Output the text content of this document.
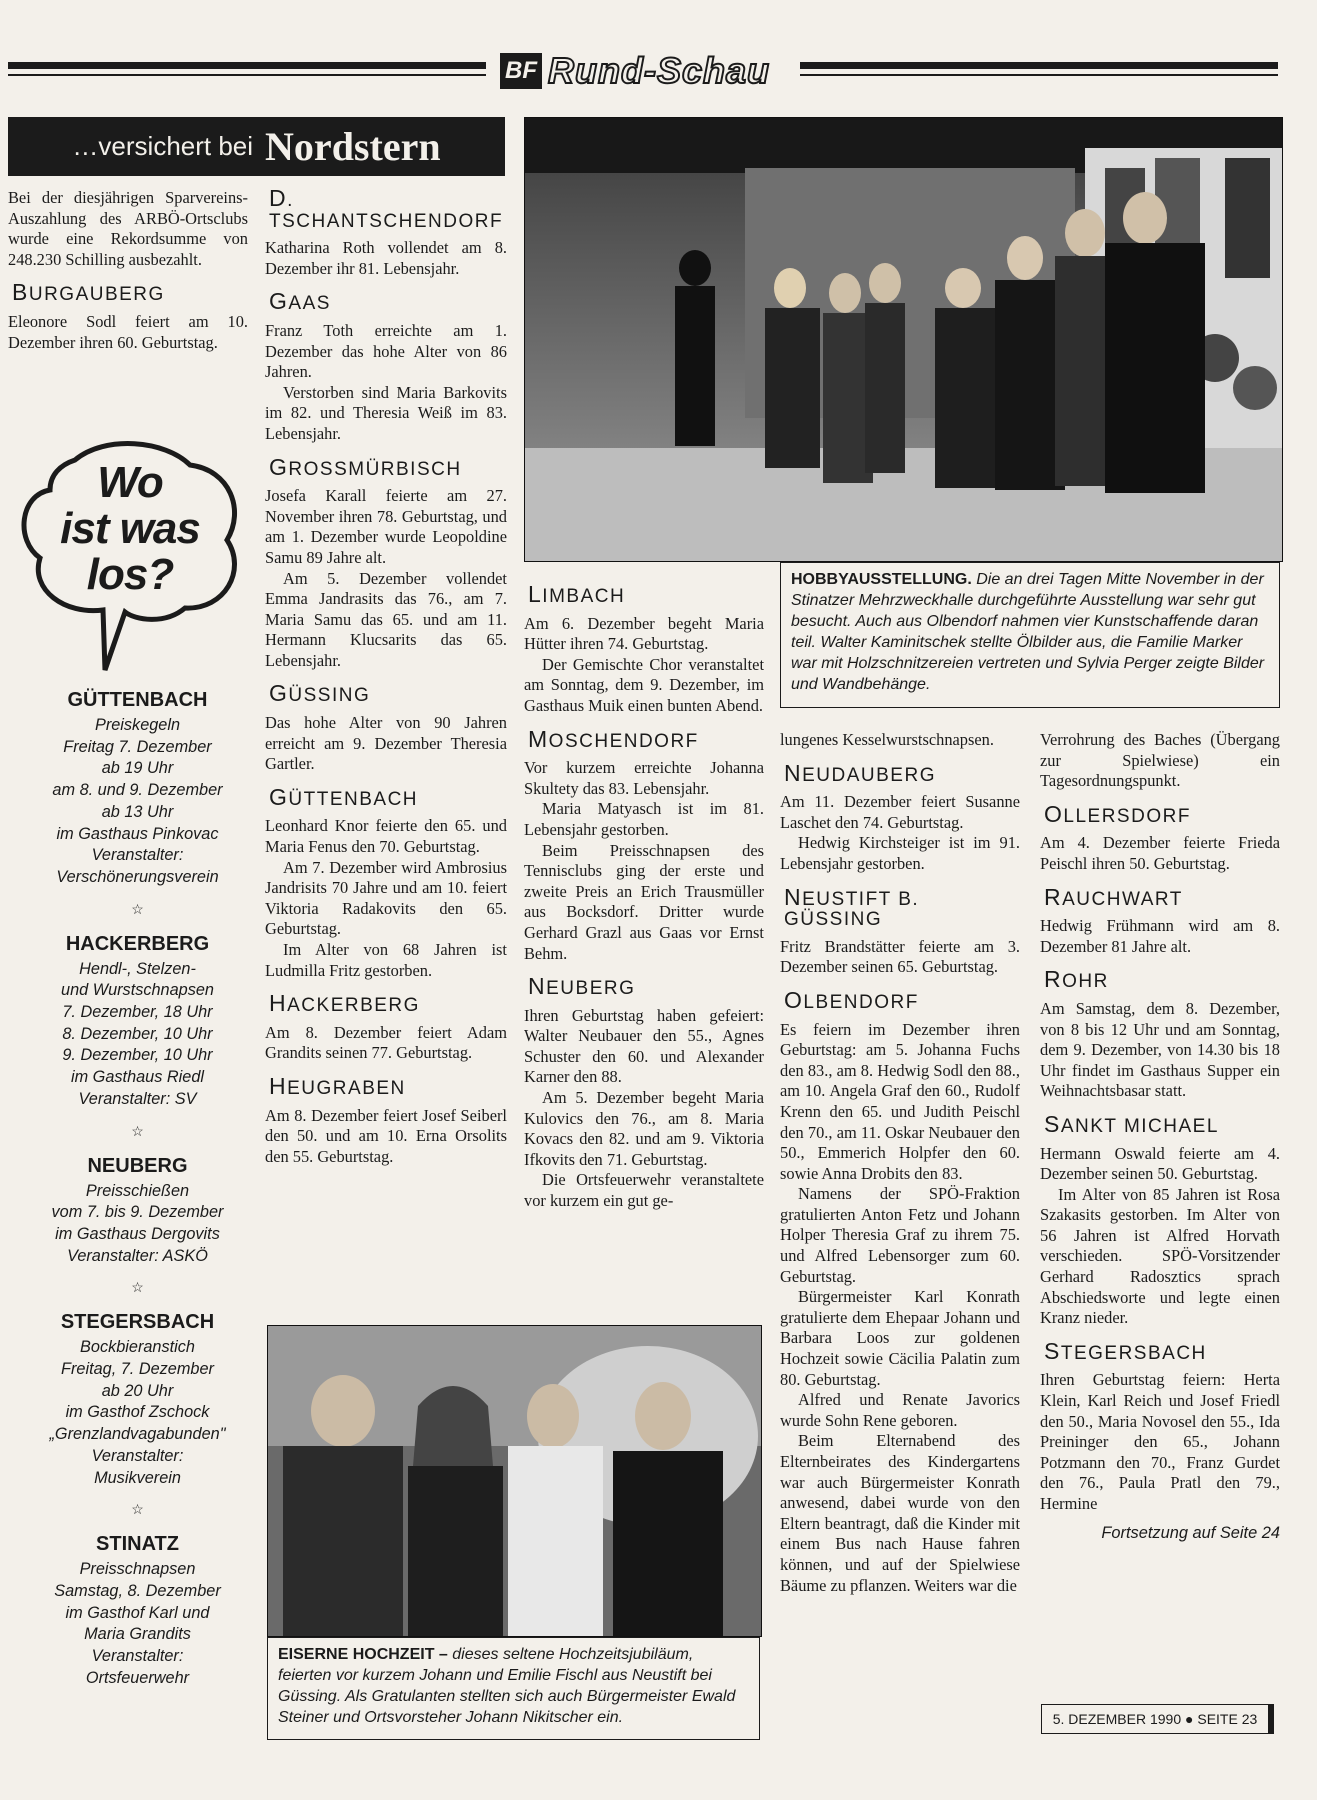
BF Rund-Schau
…versichert bei Nordstern

Bei der diesjährigen Sparvereins-Auszahlung des ARBÖ-Ortsclubs wurde eine Rekordsumme von 248.230 Schilling ausbezahlt.

BURGAUBERG

Eleonore Sodl feiert am 10. Dezember ihren 60. Geburtstag.

Wo
ist was
los?
GÜTTENBACH
Preiskegeln
Freitag 7. Dezember
ab 19 Uhr
am 8. und 9. Dezember
ab 13 Uhr
im Gasthaus Pinkovac
Veranstalter:
Verschönerungsverein
☆
HACKERBERG
Hendl-, Stelzen-
und Wurstschnapsen
7. Dezember, 18 Uhr
8. Dezember, 10 Uhr
9. Dezember, 10 Uhr
im Gasthaus Riedl
Veranstalter: SV
☆
NEUBERG
Preisschießen
vom 7. bis 9. Dezember
im Gasthaus Dergovits
Veranstalter: ASKÖ
☆
STEGERSBACH
Bockbieranstich
Freitag, 7. Dezember
ab 20 Uhr
im Gasthof Zschock
„Grenzlandvagabunden"
Veranstalter:
Musikverein
☆
STINATZ
Preisschnapsen
Samstag, 8. Dezember
im Gasthof Karl und
Maria Grandits
Veranstalter:
Ortsfeuerwehr
D. TSCHANTSCHENDORF

Katharina Roth vollendet am 8. Dezember ihr 81. Lebensjahr.

GAAS

Franz Toth erreichte am 1. Dezember das hohe Alter von 86 Jahren.

Verstorben sind Maria Barkovits im 82. und Theresia Weiß im 83. Lebensjahr.

GROSSMÜRBISCH

Josefa Karall feierte am 27. November ihren 78. Geburtstag, und am 1. Dezember wurde Leopoldine Samu 89 Jahre alt.

Am 5. Dezember vollendet Emma Jandrasits das 76., am 7. Maria Samu das 65. und am 11. Hermann Klucsarits das 65. Lebensjahr.

GÜSSING

Das hohe Alter von 90 Jahren erreicht am 9. Dezember Theresia Gartler.

GÜTTENBACH

Leonhard Knor feierte den 65. und Maria Fenus den 70. Geburtstag.

Am 7. Dezember wird Ambrosius Jandrisits 70 Jahre und am 10. feiert Viktoria Radakovits den 65. Geburtstag.

Im Alter von 68 Jahren ist Ludmilla Fritz gestorben.

HACKERBERG

Am 8. Dezember feiert Adam Grandits seinen 77. Geburtstag.

HEUGRABEN

Am 8. Dezember feiert Josef Seiberl den 50. und am 10. Erna Orsolits den 55. Geburtstag.

HOBBYAUSSTELLUNG. Die an drei Tagen Mitte November in der Stinatzer Mehrzweckhalle durchgeführte Ausstellung war sehr gut besucht. Auch aus Olbendorf nahmen vier Kunstschaffende daran teil. Walter Kaminitschek stellte Ölbilder aus, die Familie Marker war mit Holzschnitzereien vertreten und Sylvia Perger zeigte Bilder und Wandbehänge.
LIMBACH

Am 6. Dezember begeht Maria Hütter ihren 74. Geburtstag.

Der Gemischte Chor veranstaltet am Sonntag, dem 9. Dezember, im Gasthaus Muik einen bunten Abend.

MOSCHENDORF

Vor kurzem erreichte Johanna Skultety das 83. Lebensjahr.

Maria Matyasch ist im 81. Lebensjahr gestorben.

Beim Preisschnapsen des Tennisclubs ging der erste und zweite Preis an Erich Trausmüller aus Bocksdorf. Dritter wurde Gerhard Grazl aus Gaas vor Ernst Behm.

NEUBERG

Ihren Geburtstag haben gefeiert: Walter Neubauer den 55., Agnes Schuster den 60. und Alexander Karner den 88.

Am 5. Dezember begeht Maria Kulovics den 76., am 8. Maria Kovacs den 82. und am 9. Viktoria Ifkovits den 71. Geburtstag.

Die Ortsfeuerwehr veranstaltete vor kurzem ein gut ge-

lungenes Kesselwurstschnapsen.

NEUDAUBERG

Am 11. Dezember feiert Susanne Laschet den 74. Geburtstag.

Hedwig Kirchsteiger ist im 91. Lebensjahr gestorben.

NEUSTIFT B. GÜSSING

Fritz Brandstätter feierte am 3. Dezember seinen 65. Geburtstag.

OLBENDORF

Es feiern im Dezember ihren Geburtstag: am 5. Johanna Fuchs den 83., am 8. Hedwig Sodl den 88., am 10. Angela Graf den 60., Rudolf Krenn den 65. und Judith Peischl den 70., am 11. Oskar Neubauer den 50., Emmerich Holpfer den 60. sowie Anna Drobits den 83.

Namens der SPÖ-Fraktion gratulierten Anton Fetz und Johann Holper Theresia Graf zu ihrem 75. und Alfred Lebensorger zum 60. Geburtstag.

Bürgermeister Karl Konrath gratulierte dem Ehepaar Johann und Barbara Loos zur goldenen Hochzeit sowie Cäcilia Palatin zum 80. Geburtstag.

Alfred und Renate Javorics wurde Sohn Rene geboren.

Beim Elternabend des Elternbeirates des Kindergartens war auch Bürgermeister Konrath anwesend, dabei wurde von den Eltern beantragt, daß die Kinder mit einem Bus nach Hause fahren können, und auf der Spielwiese Bäume zu pflanzen. Weiters war die

Verrohrung des Baches (Übergang zur Spielwiese) ein Tagesordnungspunkt.

OLLERSDORF

Am 4. Dezember feierte Frieda Peischl ihren 50. Geburtstag.

RAUCHWART

Hedwig Frühmann wird am 8. Dezember 81 Jahre alt.

ROHR

Am Samstag, dem 8. Dezember, von 8 bis 12 Uhr und am Sonntag, dem 9. Dezember, von 14.30 bis 18 Uhr findet im Gasthaus Supper ein Weihnachtsbasar statt.

SANKT MICHAEL

Hermann Oswald feierte am 4. Dezember seinen 50. Geburtstag.

Im Alter von 85 Jahren ist Rosa Szakasits gestorben. Im Alter von 56 Jahren ist Alfred Horvath verschieden. SPÖ-Vorsitzender Gerhard Radosztics sprach Abschiedsworte und legte einen Kranz nieder.

STEGERSBACH

Ihren Geburtstag feiern: Herta Klein, Karl Reich und Josef Friedl den 50., Maria Novosel den 55., Ida Preininger den 65., Johann Potzmann den 70., Franz Gurdet den 76., Paula Pratl den 79., Hermine

Fortsetzung auf Seite 24
EISERNE HOCHZEIT – dieses seltene Hochzeitsjubiläum, feierten vor kurzem Johann und Emilie Fischl aus Neustift bei Güssing. Als Gratulanten stellten sich auch Bürgermeister Ewald Steiner und Ortsvorsteher Johann Nikitscher ein.	5. DEZEMBER 1990
●
SEITE 23
